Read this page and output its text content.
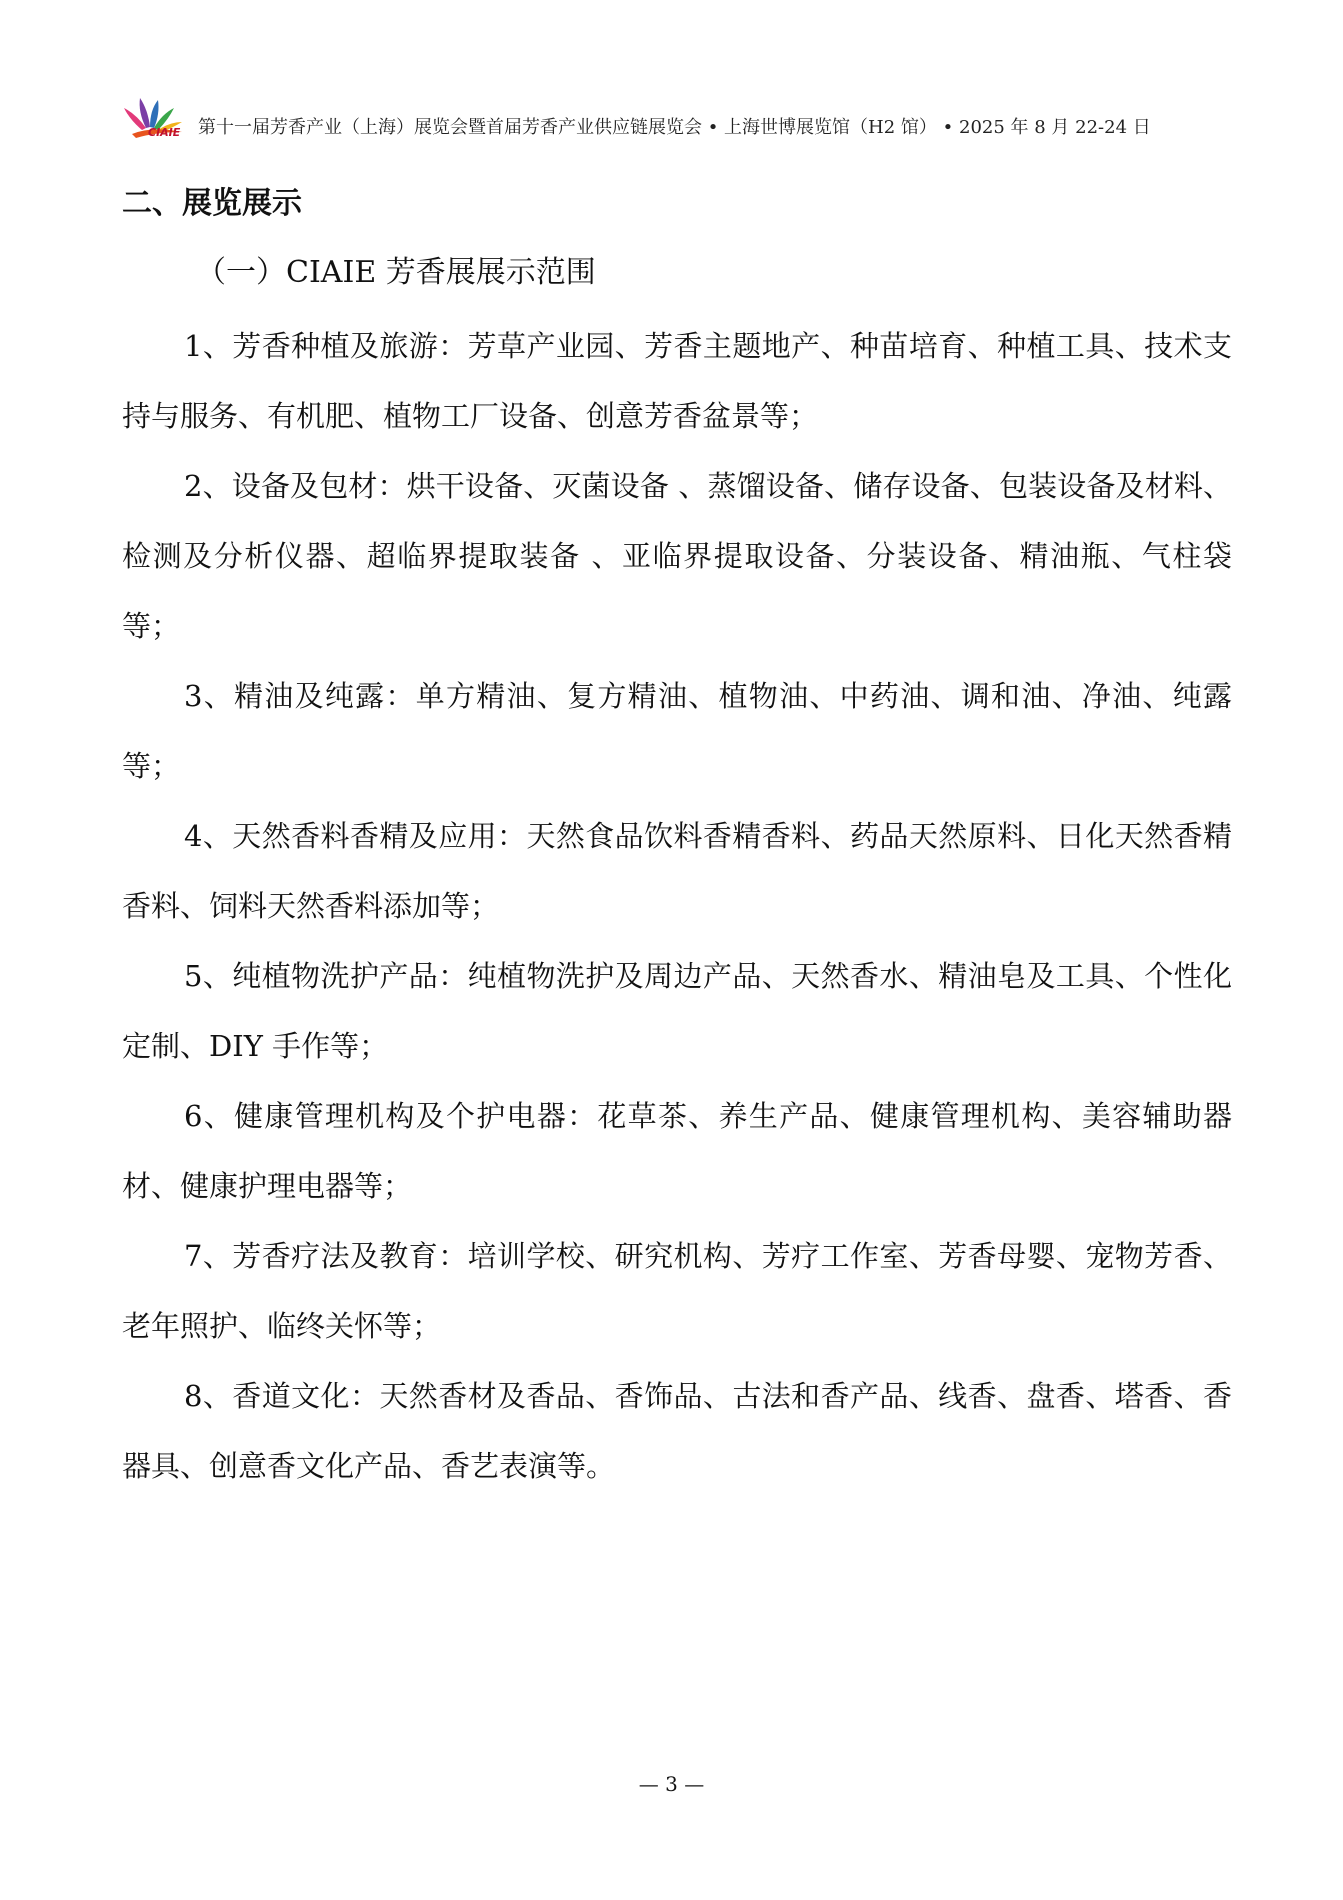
CIAIE 第十一届芳香产业（上海）展览会暨首届芳香产业供应链展览会 • 上海世博展览馆（H2 馆） • 2025 年 8 月 22-24 日
二、展览展示
（一）CIAIE 芳香展展示范围

1、芳香种植及旅游：芳草产业园、芳香主题地产、种苗培育、种植工具、技术支持与服务、有机肥、植物工厂设备、创意芳香盆景等；

2、设备及包材：烘干设备、灭菌设备 、蒸馏设备、储存设备、包装设备及材料、检测及分析仪器、超临界提取装备 、亚临界提取设备、分装设备、精油瓶、气柱袋等；

3、精油及纯露：单方精油、复方精油、植物油、中药油、调和油、净油、纯露等；

4、天然香料香精及应用：天然食品饮料香精香料、药品天然原料、日化天然香精香料、饲料天然香料添加等；

5、纯植物洗护产品：纯植物洗护及周边产品、天然香水、精油皂及工具、个性化定制、DIY 手作等；

6、健康管理机构及个护电器：花草茶、养生产品、健康管理机构、美容辅助器材、健康护理电器等；

7、芳香疗法及教育：培训学校、研究机构、芳疗工作室、芳香母婴、宠物芳香、老年照护、临终关怀等；

8、香道文化：天然香材及香品、香饰品、古法和香产品、线香、盘香、塔香、香器具、创意香文化产品、香艺表演等。

— 3 —
